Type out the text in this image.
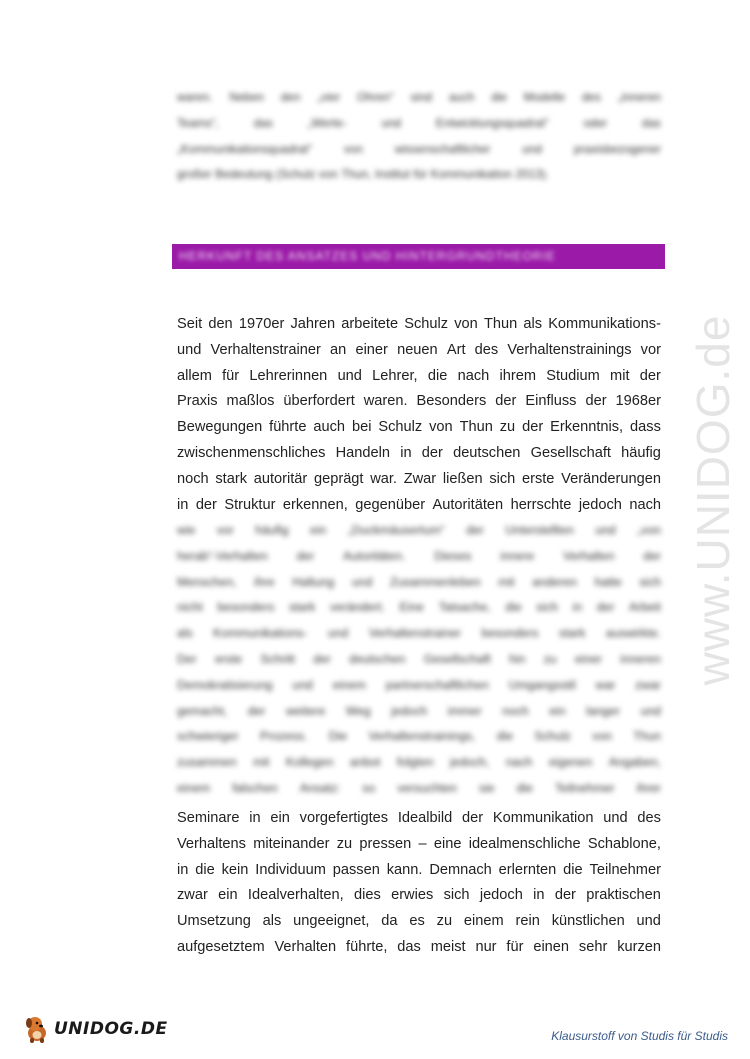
waren. Neben den „vier Ohren“ sind auch die Modelle des „inneren
Teams“,	das	„Werte-	und	Entwicklungsquadrat“	oder	das
„Kommunikationsquadrat“	von	wissenschaftlicher	und	praxisbezogener
großer Bedeutung (Schulz von Thun, Institut für Kommunikation 2013).
HERKUNFT DES ANSATZES UND HINTERGRUNDTHEORIE
Seit den 1970er Jahren arbeitete Schulz von Thun als Kommunikations-
und Verhaltenstrainer an einer neuen Art des Verhaltenstrainings vor
allem für Lehrerinnen und Lehrer, die nach ihrem Studium mit der
Praxis maßlos überfordert waren. Besonders der Einfluss der 1968er
Bewegungen führte auch bei Schulz von Thun zu der Erkenntnis, dass
zwischenmenschliches Handeln in der deutschen Gesellschaft häufig
noch stark autoritär geprägt war. Zwar ließen sich erste Veränderungen
in der Struktur erkennen, gegenüber Autoritäten herrschte jedoch nach
wie vor häufig ein „Duckmäusertum“ der Unterstellten und „von
herab“-Verhalten der Autoritäten. Dieses innere Verhalten der
Menschen, ihre Haltung und Zusammenleben mit anderen hatte sich
nicht besonders stark verändert. Eine Tatsache, die sich in der Arbeit
als Kommunikations- und Verhaltenstrainer besonders stark auswirkte.
Der erste Schritt der deutschen Gesellschaft hin zu einer inneren
Demokratisierung und einem partnerschaftlichen Umgangsstil war zwar
gemacht, der weitere Weg jedoch immer noch ein langer und
schwieriger Prozess. Die Verhaltenstrainings, die Schulz von Thun
zusammen mit Kollegen anbot folgten jedoch, nach eigenen Angaben,
einem falschen Ansatz: so versuchten sie die Teilnehmer ihrer
Seminare in ein vorgefertigtes Idealbild der Kommunikation und des
Verhaltens miteinander zu pressen – eine idealmenschliche Schablone,
in die kein Individuum passen kann. Demnach erlernten die Teilnehmer
zwar ein Idealverhalten, dies erwies sich jedoch in der praktischen
Umsetzung als ungeeignet, da es zu einem rein künstlichen und
aufgesetztem Verhalten führte, das meist nur für einen sehr kurzen
www.UNIDOG.de
UNIDOG.DE	Klausurstoff von Studis für Studis
